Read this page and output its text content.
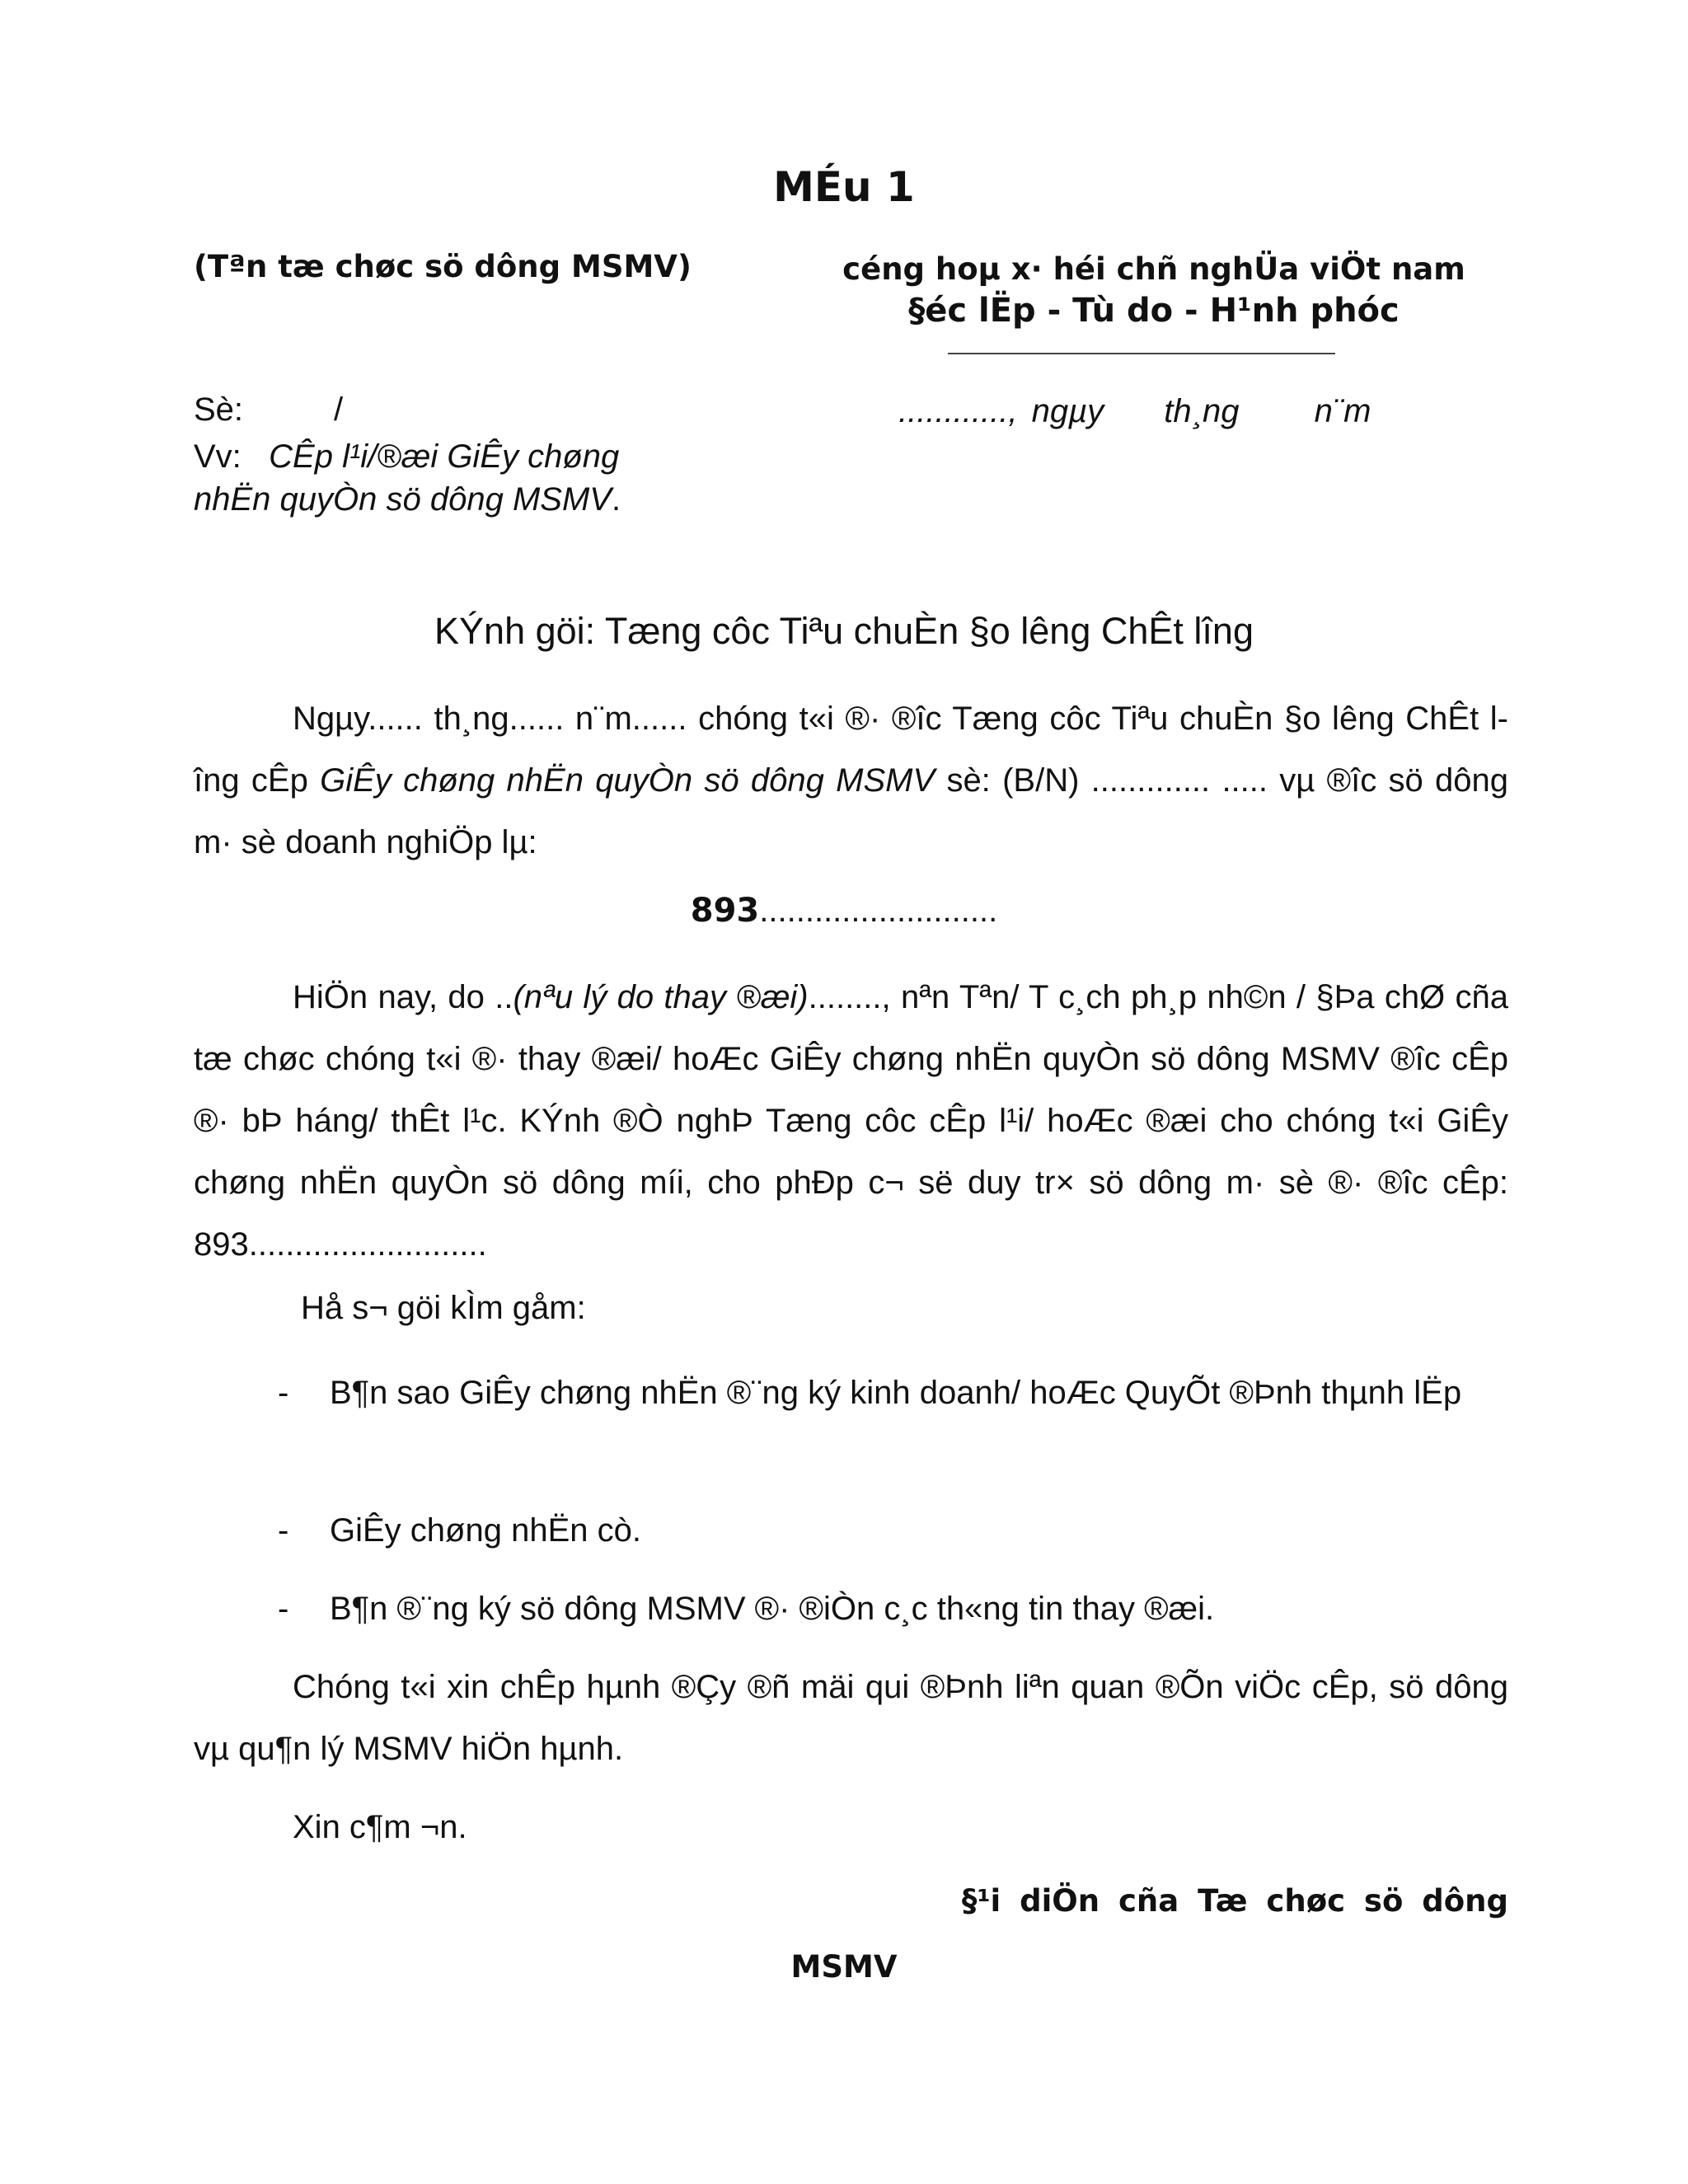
MÉu 1
(Tªn tæ chøc sö dông MSMV)	céng hoµ x· héi chñ nghÜa viÖt nam
§éc lËp - Tù do - H¹nh phóc
Sè:	/
Vv: CÊp l¹i/®æi GiÊy chøng nhËn quyÒn sö dông MSMV.
............, ngµy th¸ng n¨m
KÝnh göi: Tæng côc Tiªu chuÈn §o lêng ChÊt lîng

Ngµy...... th¸ng...... n¨m...... chóng t«i ®· ®îc Tæng côc Tiªu chuÈn §o lêng ChÊt lîng cÊp GiÊy chøng nhËn quyÒn sö dông MSMV sè: (B/N) ............. ..... vµ ®îc sö dông m· sè doanh nghiÖp lµ:

893..........................

HiÖn nay, do ..(nªu lý do thay ®æi)........, nªn Tªn/ T c¸ch ph¸p nh©n / §Þa chØ cña tæ chøc chóng t«i ®· thay ®æi/ hoÆc GiÊy chøng nhËn quyÒn sö dông MSMV ®îc cÊp ®· bÞ háng/ thÊt l¹c. KÝnh ®Ò nghÞ Tæng côc cÊp l¹i/ hoÆc ®æi cho chóng t«i GiÊy chøng nhËn quyÒn sö dông míi, cho phÐp c¬ së duy tr× sö dông m· sè ®· ®îc cÊp: 893..........................

Hå s¬ göi kÌm gåm:
- B¶n sao GiÊy chøng nhËn ®¨ng ký kinh doanh/ hoÆc QuyÕt ®Þnh thµnh lËp
- GiÊy chøng nhËn cò.
- B¶n ®¨ng ký sö dông MSMV ®· ®iÒn c¸c th«ng tin thay ®æi.

Chóng t«i xin chÊp hµnh ®Çy ®ñ mäi qui ®Þnh liªn quan ®Õn viÖc cÊp, sö dông vµ qu¶n lý MSMV hiÖn hµnh.

Xin c¶m ¬n.
§¹i diÖn cña Tæ chøc sö dông
MSMV
